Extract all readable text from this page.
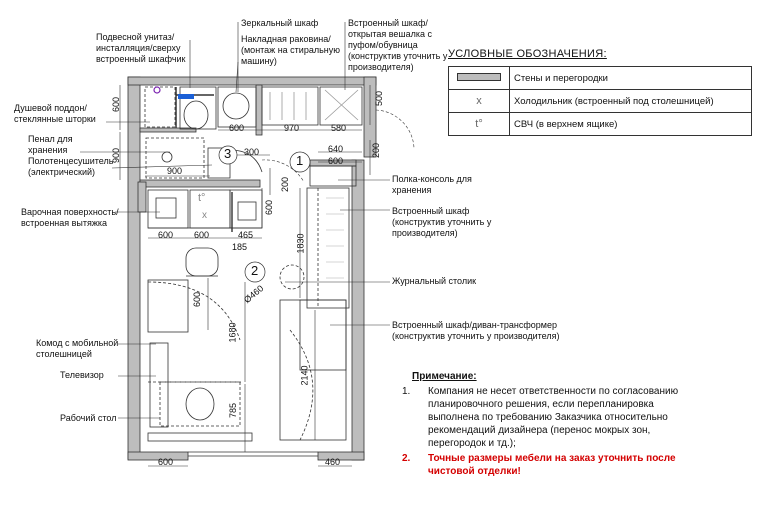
1
2
3
t°
x
600	970	580
500
600
900
900
300
200
640
600
200
600 600
600
465
185	1830
Ø460
600
1680
2140
785
600	460
Подвесной унитаз/ инсталляция/сверху встроенный шкафчик
Зеркальный шкаф
Накладная раковина/ (монтаж на стиральную машину)
Встроенный шкаф/открытая вешалка с пуфом/обувница (конструктив уточнить у производителя)
Душевой поддон/ стеклянные шторки
Пенал для хранения
Полотенцесушитель (электрический)
Полка-консоль для хранения
Варочная поверхность/ встроенная вытяжка
Встроенный шкаф (конструктив уточнить у производителя)
Журнальный столик
Встроенный шкаф/диван-трансформер (конструктив уточнить у производителя)
Комод с мобильной столешницей
Телевизор
Рабочий стол
УСЛОВНЫЕ ОБОЗНАЧЕНИЯ:
	Стены и перегородки
x	Холодильник (встроенный под столешницей)
t°	СВЧ (в верхнем ящике)
Примечание:
1.	Компания не несет ответственности по согласованию планировочного решения, если перепланировка выполнена по требованию Заказчика относительно рекомендаций дизайнера (перенос мокрых зон, перегородок и тд.);
2.	Точные размеры мебели на заказ уточнить после чистовой отделки!
